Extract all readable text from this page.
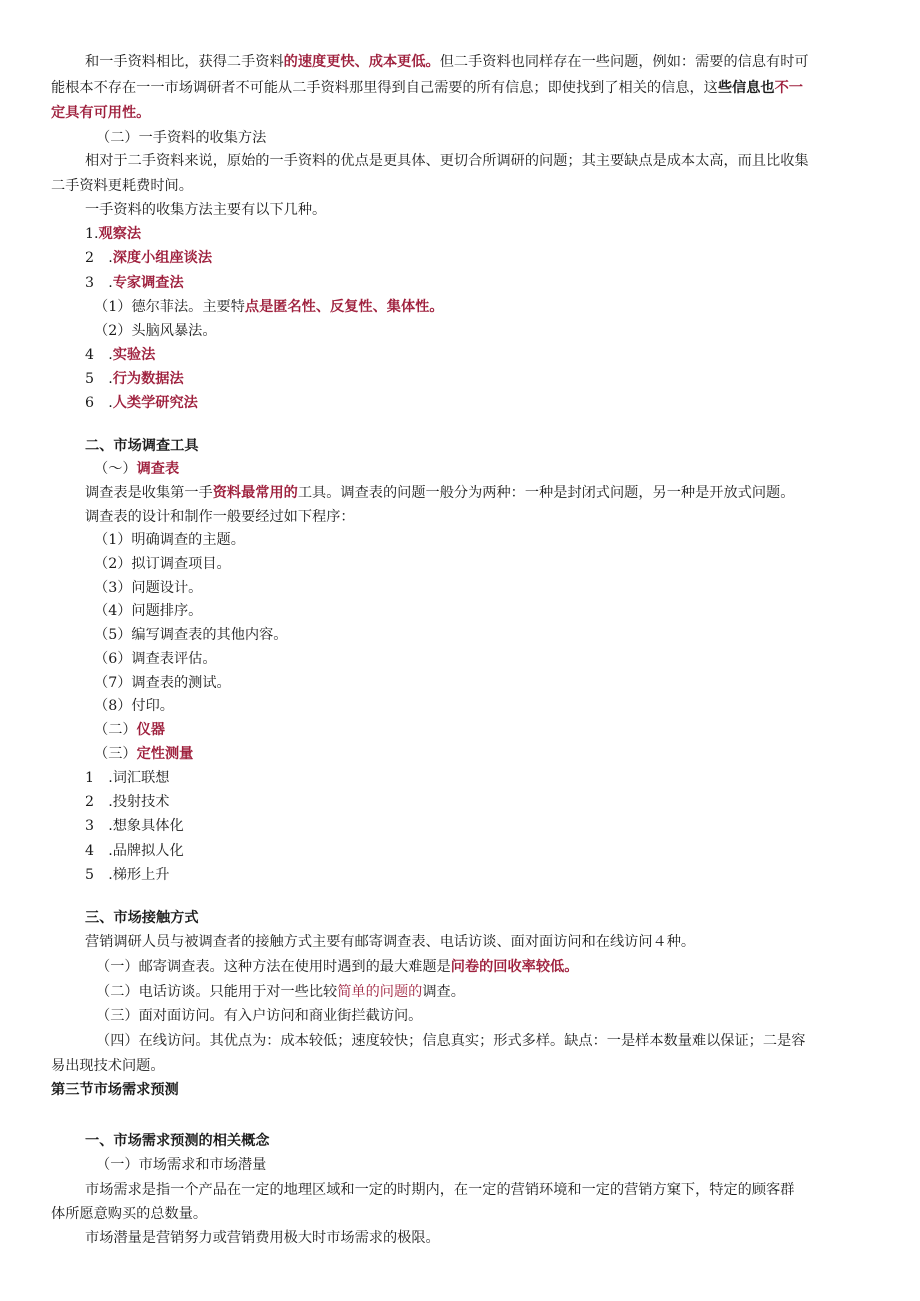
和一手资料相比，获得二手资料的速度更快、成本更低。但二手资料也同样存在一些问题，例如：需要的信息有时可
能根本不存在一一市场调研者不可能从二手资料那里得到自己需要的所有信息；即使找到了相关的信息，这些信息也不一
定具有可用性。
（二）一手资料的收集方法
相对于二手资料来说，原始的一手资料的优点是更具体、更切合所调研的问题；其主要缺点是成本太高，而且比收集
二手资料更耗费时间。
一手资料的收集方法主要有以下几种。
1.观察法
2　.深度小组座谈法
3　.专家调查法
（1）德尔菲法。主要特点是匿名性、反复性、集体性。
（2）头脑风暴法。
4　.实验法
5　.行为数据法
6　.人类学研究法
二、市场调查工具
（〜）调查表
调查表是收集第一手资料最常用的工具。调查表的问题一般分为两种：一种是封闭式问题，另一种是开放式问题。
调查表的设计和制作一般要经过如下程序：
（1）明确调查的主题。
（2）拟订调查项目。
（3）问题设计。
（4）问题排序。
（5）编写调查表的其他内容。
（6）调查表评估。
（7）调查表的测试。
（8）付印。
（二）仪器
（三）定性测量
1　.词汇联想
2　.投射技术
3　.想象具体化
4　.品牌拟人化
5　.梯形上升
三、市场接触方式
营销调研人员与被调查者的接触方式主要有邮寄调查表、电话访谈、面对面访问和在线访问４种。
（一）邮寄调查表。这种方法在使用时遇到的最大难题是问卷的回收率较低。
（二）电话访谈。只能用于对一些比较简单的问题的调查。
（三）面对面访问。有入户访问和商业街拦截访问。
（四）在线访问。其优点为：成本较低；速度较快；信息真实；形式多样。缺点：一是样本数量难以保证；二是容
易出现技术问题。
第三节市场需求预测
一、市场需求预测的相关概念
（一）市场需求和市场潜量
市场需求是指一个产品在一定的地理区域和一定的时期内，在一定的营销环境和一定的营销方窠下，特定的顾客群
体所愿意购买的总数量。
市场潜量是营销努力或营销费用极大时市场需求的极限。
